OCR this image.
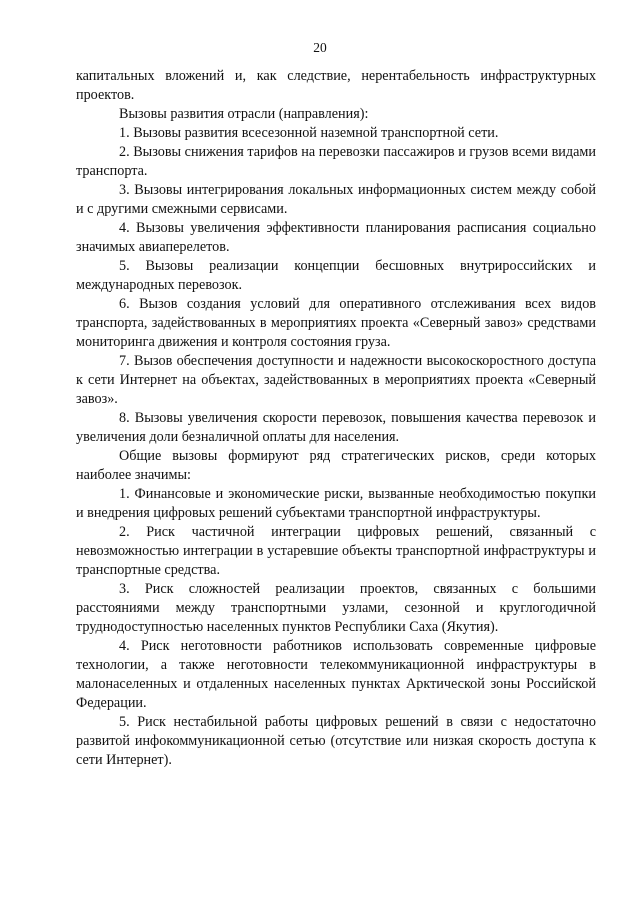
20

капитальных вложений и, как следствие, нерентабельность инфраструктурных проектов.

Вызовы развития отрасли (направления):

1. Вызовы развития всесезонной наземной транспортной сети.

2. Вызовы снижения тарифов на перевозки пассажиров и грузов всеми видами транспорта.

3. Вызовы интегрирования локальных информационных систем между собой и с другими смежными сервисами.

4. Вызовы увеличения эффективности планирования расписания социально значимых авиаперелетов.

5. Вызовы реализации концепции бесшовных внутрироссийских и международных перевозок.

6. Вызов создания условий для оперативного отслеживания всех видов транспорта, задействованных в мероприятиях проекта «Северный завоз» средствами мониторинга движения и контроля состояния груза.

7. Вызов обеспечения доступности и надежности высокоскоростного доступа к сети Интернет на объектах, задействованных в мероприятиях проекта «Северный завоз».

8. Вызовы увеличения скорости перевозок, повышения качества перевозок и увеличения доли безналичной оплаты для населения.

Общие вызовы формируют ряд стратегических рисков, среди которых наиболее значимы:

1. Финансовые и экономические риски, вызванные необходимостью покупки и внедрения цифровых решений субъектами транспортной инфраструктуры.

2. Риск частичной интеграции цифровых решений, связанный с невозможностью интеграции в устаревшие объекты транспортной инфраструктуры и транспортные средства.

3. Риск сложностей реализации проектов, связанных с большими расстояниями между транспортными узлами, сезонной и круглогодичной труднодоступностью населенных пунктов Республики Саха (Якутия).

4. Риск неготовности работников использовать современные цифровые технологии, а также неготовности телекоммуникационной инфраструктуры в малонаселенных и отдаленных населенных пунктах Арктической зоны Российской Федерации.

5. Риск нестабильной работы цифровых решений в связи с недостаточно развитой инфокоммуникационной сетью (отсутствие или низкая скорость доступа к сети Интернет).
